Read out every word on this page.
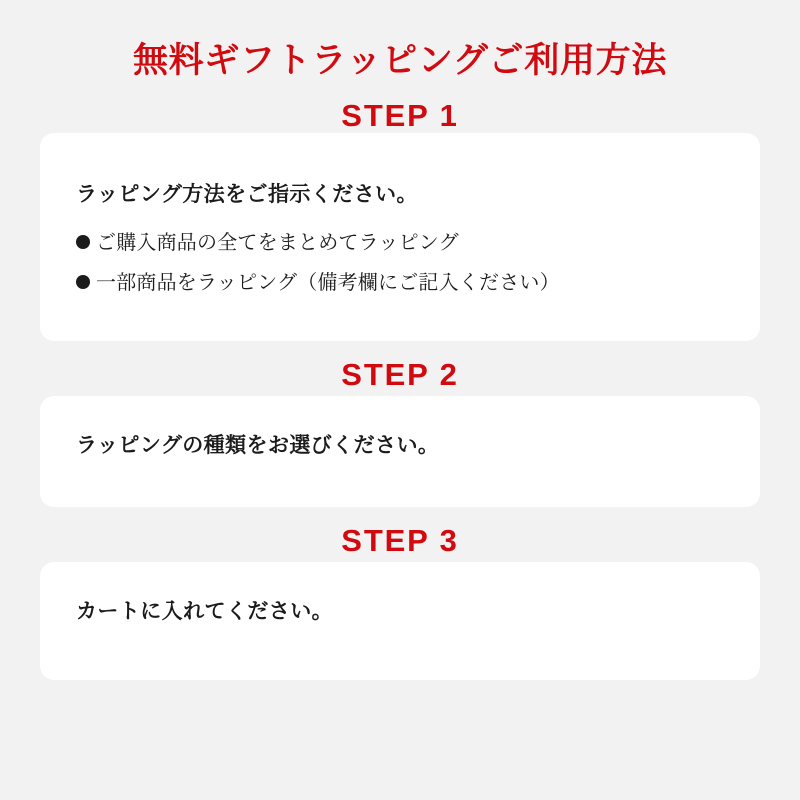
無料ギフトラッピングご利用方法
STEP 1

ラッピング方法をご指示ください。

ご購入商品の全てをまとめてラッピング
一部商品をラッピング（備考欄にご記入ください）
STEP 2

ラッピングの種類をお選びください。

STEP 3

カートに入れてください。
